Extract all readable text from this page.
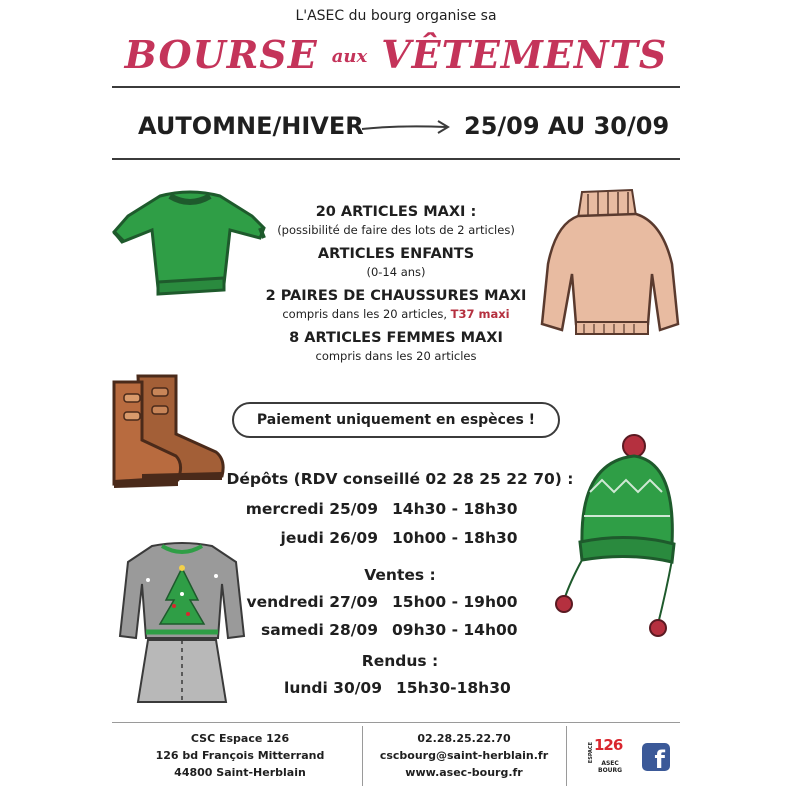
L'ASEC du bourg organise sa
BOURSE aux VÊTEMENTS
AUTOMNE/HIVER	25/09 AU 30/09
20 ARTICLES MAXI :
(possibilité de faire des lots de 2 articles)
ARTICLES ENFANTS
(0-14 ans)
2 PAIRES DE CHAUSSURES MAXI
compris dans les 20 articles, T37 maxi
8 ARTICLES FEMMES MAXI
compris dans les 20 articles
Paiement uniquement en espèces !
Dépôts (RDV conseillé 02 28 25 22 70) :
mercredi 25/09 14h30 - 18h30
jeudi 26/09 10h00 - 18h30
Ventes :
vendredi 27/09 15h00 - 19h00
samedi 28/09 09h30 - 14h00
Rendus :
lundi 30/09 15h30-18h30
CSC Espace 126
126 bd François Mitterrand
44800 Saint-Herblain
02.28.25.22.70
cscbourg@saint-herblain.fr
www.asec-bourg.fr
ESPACE 126
ASEC
BOURG f
